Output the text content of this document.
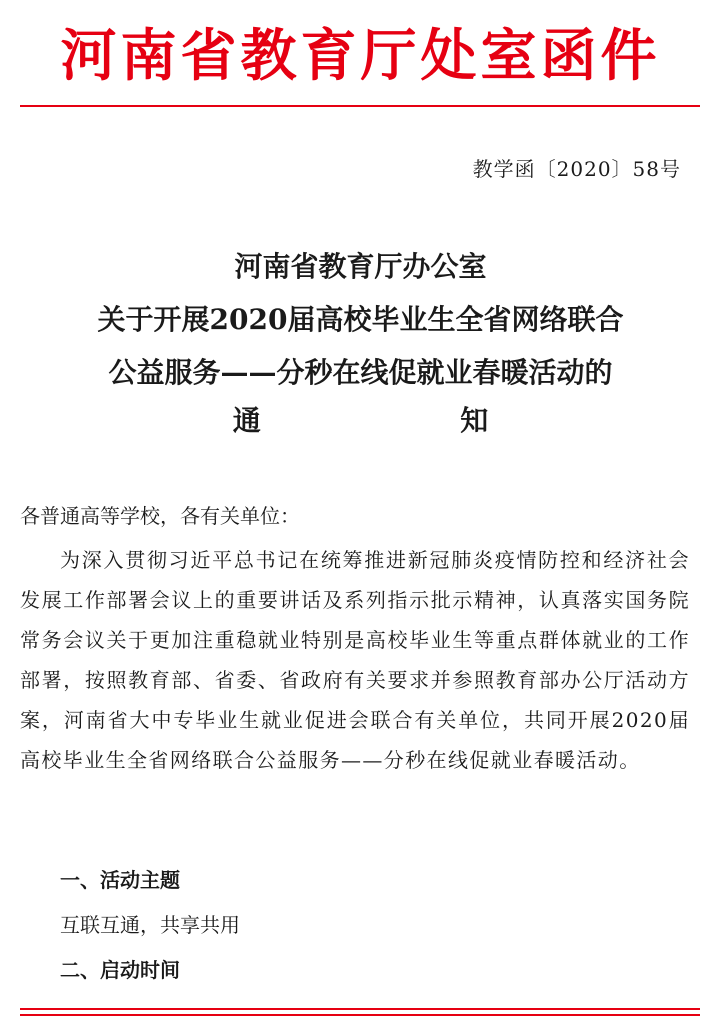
河南省教育厅处室函件
教学函〔2020〕58号
河南省教育厅办公室
关于开展2020届高校毕业生全省网络联合
公益服务——分秒在线促就业春暖活动的
通	知
各普通高等学校，各有关单位：
为深入贯彻习近平总书记在统筹推进新冠肺炎疫情防控和经济社会发展工作部署会议上的重要讲话及系列指示批示精神，认真落实国务院常务会议关于更加注重稳就业特别是高校毕业生等重点群体就业的工作部署，按照教育部、省委、省政府有关要求并参照教育部办公厅活动方案，河南省大中专毕业生就业促进会联合有关单位，共同开展2020届高校毕业生全省网络联合公益服务——分秒在线促就业春暖活动。
一、活动主题
互联互通，共享共用
二、启动时间
